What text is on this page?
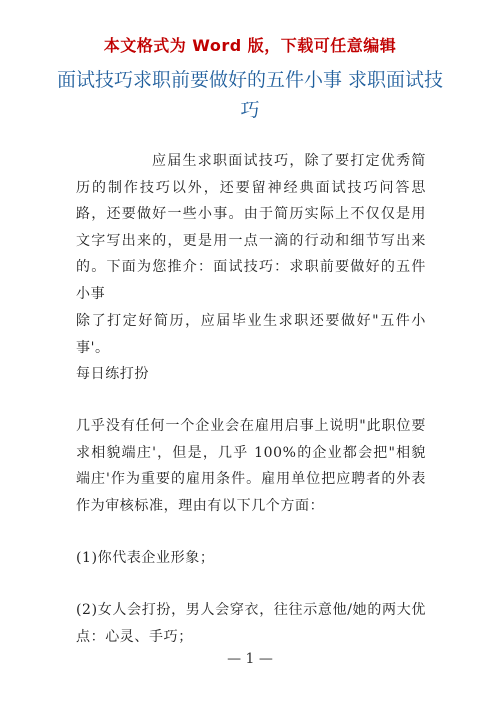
本文格式为 Word 版，下载可任意编辑
面试技巧求职前要做好的五件小事 求职面试技巧

应届生求职面试技巧，除了要打定优秀简历的制作技巧以外，还要留神经典面试技巧问答思路，还要做好一些小事。由于简历实际上不仅仅是用文字写出来的，更是用一点一滴的行动和细节写出来的。下面为您推介：面试技巧：求职前要做好的五件小事

除了打定好简历，应届毕业生求职还要做好"五件小事'。

每日练打扮

几乎没有任何一个企业会在雇用启事上说明"此职位要求相貌端庄'，但是，几乎 100%的企业都会把"相貌端庄'作为重要的雇用条件。雇用单位把应聘者的外表作为审核标准，理由有以下几个方面：

(1)你代表企业形象；

(2)女人会打扮，男人会穿衣，往往示意他/她的两大优点：心灵、手巧；

— 1 —
